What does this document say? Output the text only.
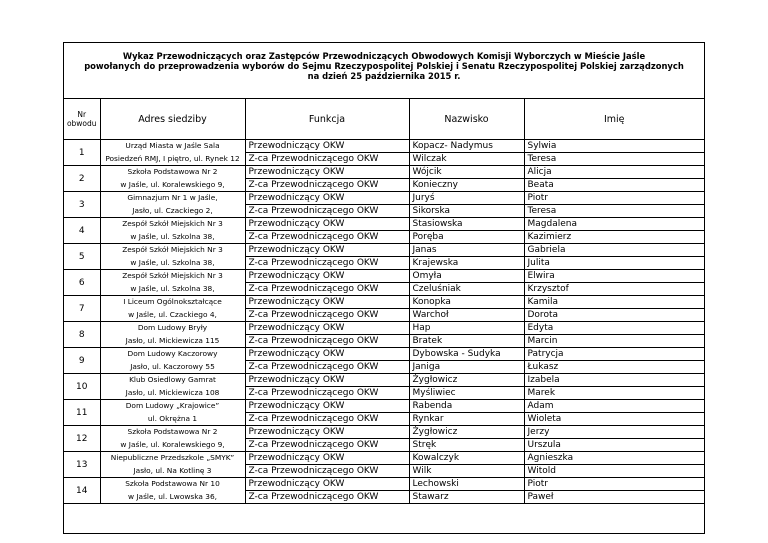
Wykaz Przewodniczących oraz Zastępców Przewodniczących Obwodowych Komisji Wyborczych w Mieście Jaśle
powołanych do przeprowadzenia wyborów do Sejmu Rzeczypospolitej Polskiej i Senatu Rzeczypospolitej Polskiej zarządzonych
na dzień 25 października 2015 r.
Nr
obwodu	Adres siedziby	Funkcja	Nazwisko	Imię
1	Urząd Miasta w Jaśle Sala	Przewodniczący OKW	Kopacz- Nadymus	Sylwia
	Posiedzeń RMJ, I piętro, ul. Rynek 12	Z-ca Przewodniczącego OKW	Wilczak	Teresa
2	Szkoła Podstawowa Nr 2	Przewodniczący OKW	Wójcik	Alicja
	w Jaśle, ul. Koralewskiego 9,	Z-ca Przewodniczącego OKW	Konieczny	Beata
3	Gimnazjum Nr 1 w Jaśle,	Przewodniczący OKW	Juryś	Piotr
	Jasło, ul. Czackiego 2,	Z-ca Przewodniczącego OKW	Sikorska	Teresa
4	Zespół Szkół Miejskich Nr 3	Przewodniczący OKW	Stasiowska	Magdalena
	w Jaśle, ul. Szkolna 38,	Z-ca Przewodniczącego OKW	Poręba	Kazimierz
5	Zespół Szkół Miejskich Nr 3	Przewodniczący OKW	Janas	Gabriela
	w Jaśle, ul. Szkolna 38,	Z-ca Przewodniczącego OKW	Krajewska	Julita
6	Zespół Szkół Miejskich Nr 3	Przewodniczący OKW	Omyła	Elwira
	w Jaśle, ul. Szkolna 38,	Z-ca Przewodniczącego OKW	Czeluśniak	Krzysztof
7	I Liceum Ogólnokształcące	Przewodniczący OKW	Konopka	Kamila
	w Jaśle, ul. Czackiego 4,	Z-ca Przewodniczącego OKW	Warchoł	Dorota
8	Dom Ludowy Bryły	Przewodniczący OKW	Hap	Edyta
	Jasło, ul. Mickiewicza 115	Z-ca Przewodniczącego OKW	Bratek	Marcin
9	Dom Ludowy Kaczorowy	Przewodniczący OKW	Dybowska - Sudyka	Patrycja
	Jasło, ul. Kaczorowy 55	Z-ca Przewodniczącego OKW	Janiga	Łukasz
10	Klub Osiedlowy Gamrat	Przewodniczący OKW	Żygłowicz	Izabela
	Jasło, ul. Mickiewicza 108	Z-ca Przewodniczącego OKW	Myśliwiec	Marek
11	Dom Ludowy „Krajowice”	Przewodniczący OKW	Rabenda	Adam
	ul. Okrężna 1	Z-ca Przewodniczącego OKW	Rynkar	Wioleta
12	Szkoła Podstawowa Nr 2	Przewodniczący OKW	Żygłowicz	Jerzy
	w Jaśle, ul. Koralewskiego 9,	Z-ca Przewodniczącego OKW	Stręk	Urszula
13	Niepubliczne Przedszkole „SMYK”	Przewodniczący OKW	Kowalczyk	Agnieszka
	Jasło, ul. Na Kotlinę 3	Z-ca Przewodniczącego OKW	Wilk	Witold
14	Szkoła Podstawowa Nr 10	Przewodniczący OKW	Lechowski	Piotr
	w Jaśle, ul. Lwowska 36,	Z-ca Przewodniczącego OKW	Stawarz	Paweł
